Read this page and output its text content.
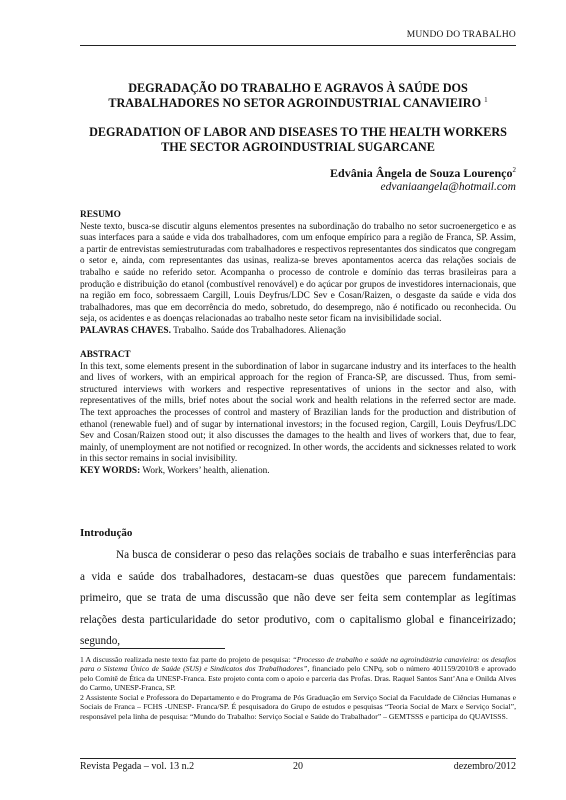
MUNDO DO TRABALHO
DEGRADAÇÃO DO TRABALHO E AGRAVOS À SAÚDE DOS TRABALHADORES NO SETOR AGROINDUSTRIAL CANAVIEIRO $^1$
DEGRADATION OF LABOR AND DISEASES TO THE HEALTH WORKERS THE SECTOR AGROINDUSTRIAL SUGARCANE
Edvânia Ângela de Souza Lourenço$^2$
edvaniaangela@hotmail.com

RESUMO

Neste texto, busca-se discutir alguns elementos presentes na subordinação do trabalho no setor sucroenergetico e as suas interfaces para a saúde e vida dos trabalhadores, com um enfoque empírico para a região de Franca, SP. Assim, a partir de entrevistas semiestruturadas com trabalhadores e respectivos representantes dos sindicatos que congregam o setor e, ainda, com representantes das usinas, realiza-se breves apontamentos acerca das relações sociais de trabalho e saúde no referido setor. Acompanha o processo de controle e domínio das terras brasileiras para a produção e distribuição do etanol (combustível renovável) e do açúcar por grupos de investidores internacionais, que na região em foco, sobressaem Cargill, Louis Deyfrus/LDC Sev e Cosan/Raizen, o desgaste da saúde e vida dos trabalhadores, mas que em decorrência do medo, sobretudo, do desemprego, não é notificado ou reconhecida. Ou seja, os acidentes e as doenças relacionadas ao trabalho neste setor ficam na invisibilidade social.

PALAVRAS CHAVES. Trabalho. Saúde dos Trabalhadores. Alienação

ABSTRACT

In this text, some elements present in the subordination of labor in sugarcane industry and its interfaces to the health and lives of workers, with an empirical approach for the region of Franca-SP, are discussed. Thus, from semi-structured interviews with workers and respective representatives of unions in the sector and also, with representatives of the mills, brief notes about the social work and health relations in the referred sector are made. The text approaches the processes of control and mastery of Brazilian lands for the production and distribution of ethanol (renewable fuel) and of sugar by international investors; in the focused region, Cargill, Louis Deyfrus/LDC Sev and Cosan/Raizen stood out; it also discusses the damages to the health and lives of workers that, due to fear, mainly, of unemployment are not notified or recognized. In other words, the accidents and sicknesses related to work in this sector remains in social invisibility.

KEY WORDS: Work, Workers’ health, alienation.

Introdução
Na busca de considerar o peso das relações sociais de trabalho e suas interferências para a vida e saúde dos trabalhadores, destacam-se duas questões que parecem fundamentais: primeiro, que se trata de uma discussão que não deve ser feita sem contemplar as legítimas relações desta particularidade do setor produtivo, com o capitalismo global e financeirizado; segundo,

1 A discussão realizada neste texto faz parte do projeto de pesquisa: “Processo de trabalho e saúde na agroindústria canavieira: os desafios para o Sistema Único de Saúde (SUS) e Sindicatos dos Trabalhadores”, financiado pelo CNPq, sob o número 401159/2010/8 e aprovado pelo Comitê de Ética da UNESP-Franca. Este projeto conta com o apoio e parceria das Profas. Dras. Raquel Santos Sant’Ana e Onilda Alves do Carmo, UNESP-Franca, SP.

2 Assistente Social e Professora do Departamento e do Programa de Pós Graduação em Serviço Social da Faculdade de Ciências Humanas e Sociais de Franca – FCHS -UNESP- Franca/SP. É pesquisadora do Grupo de estudos e pesquisas “Teoria Social de Marx e Serviço Social”, responsável pela linha de pesquisa: “Mundo do Trabalho: Serviço Social e Saúde do Trabalhador” – GEMTSSS e participa do QUAVISSS.

Revista Pegada – vol. 13 n.2	20	dezembro/2012
